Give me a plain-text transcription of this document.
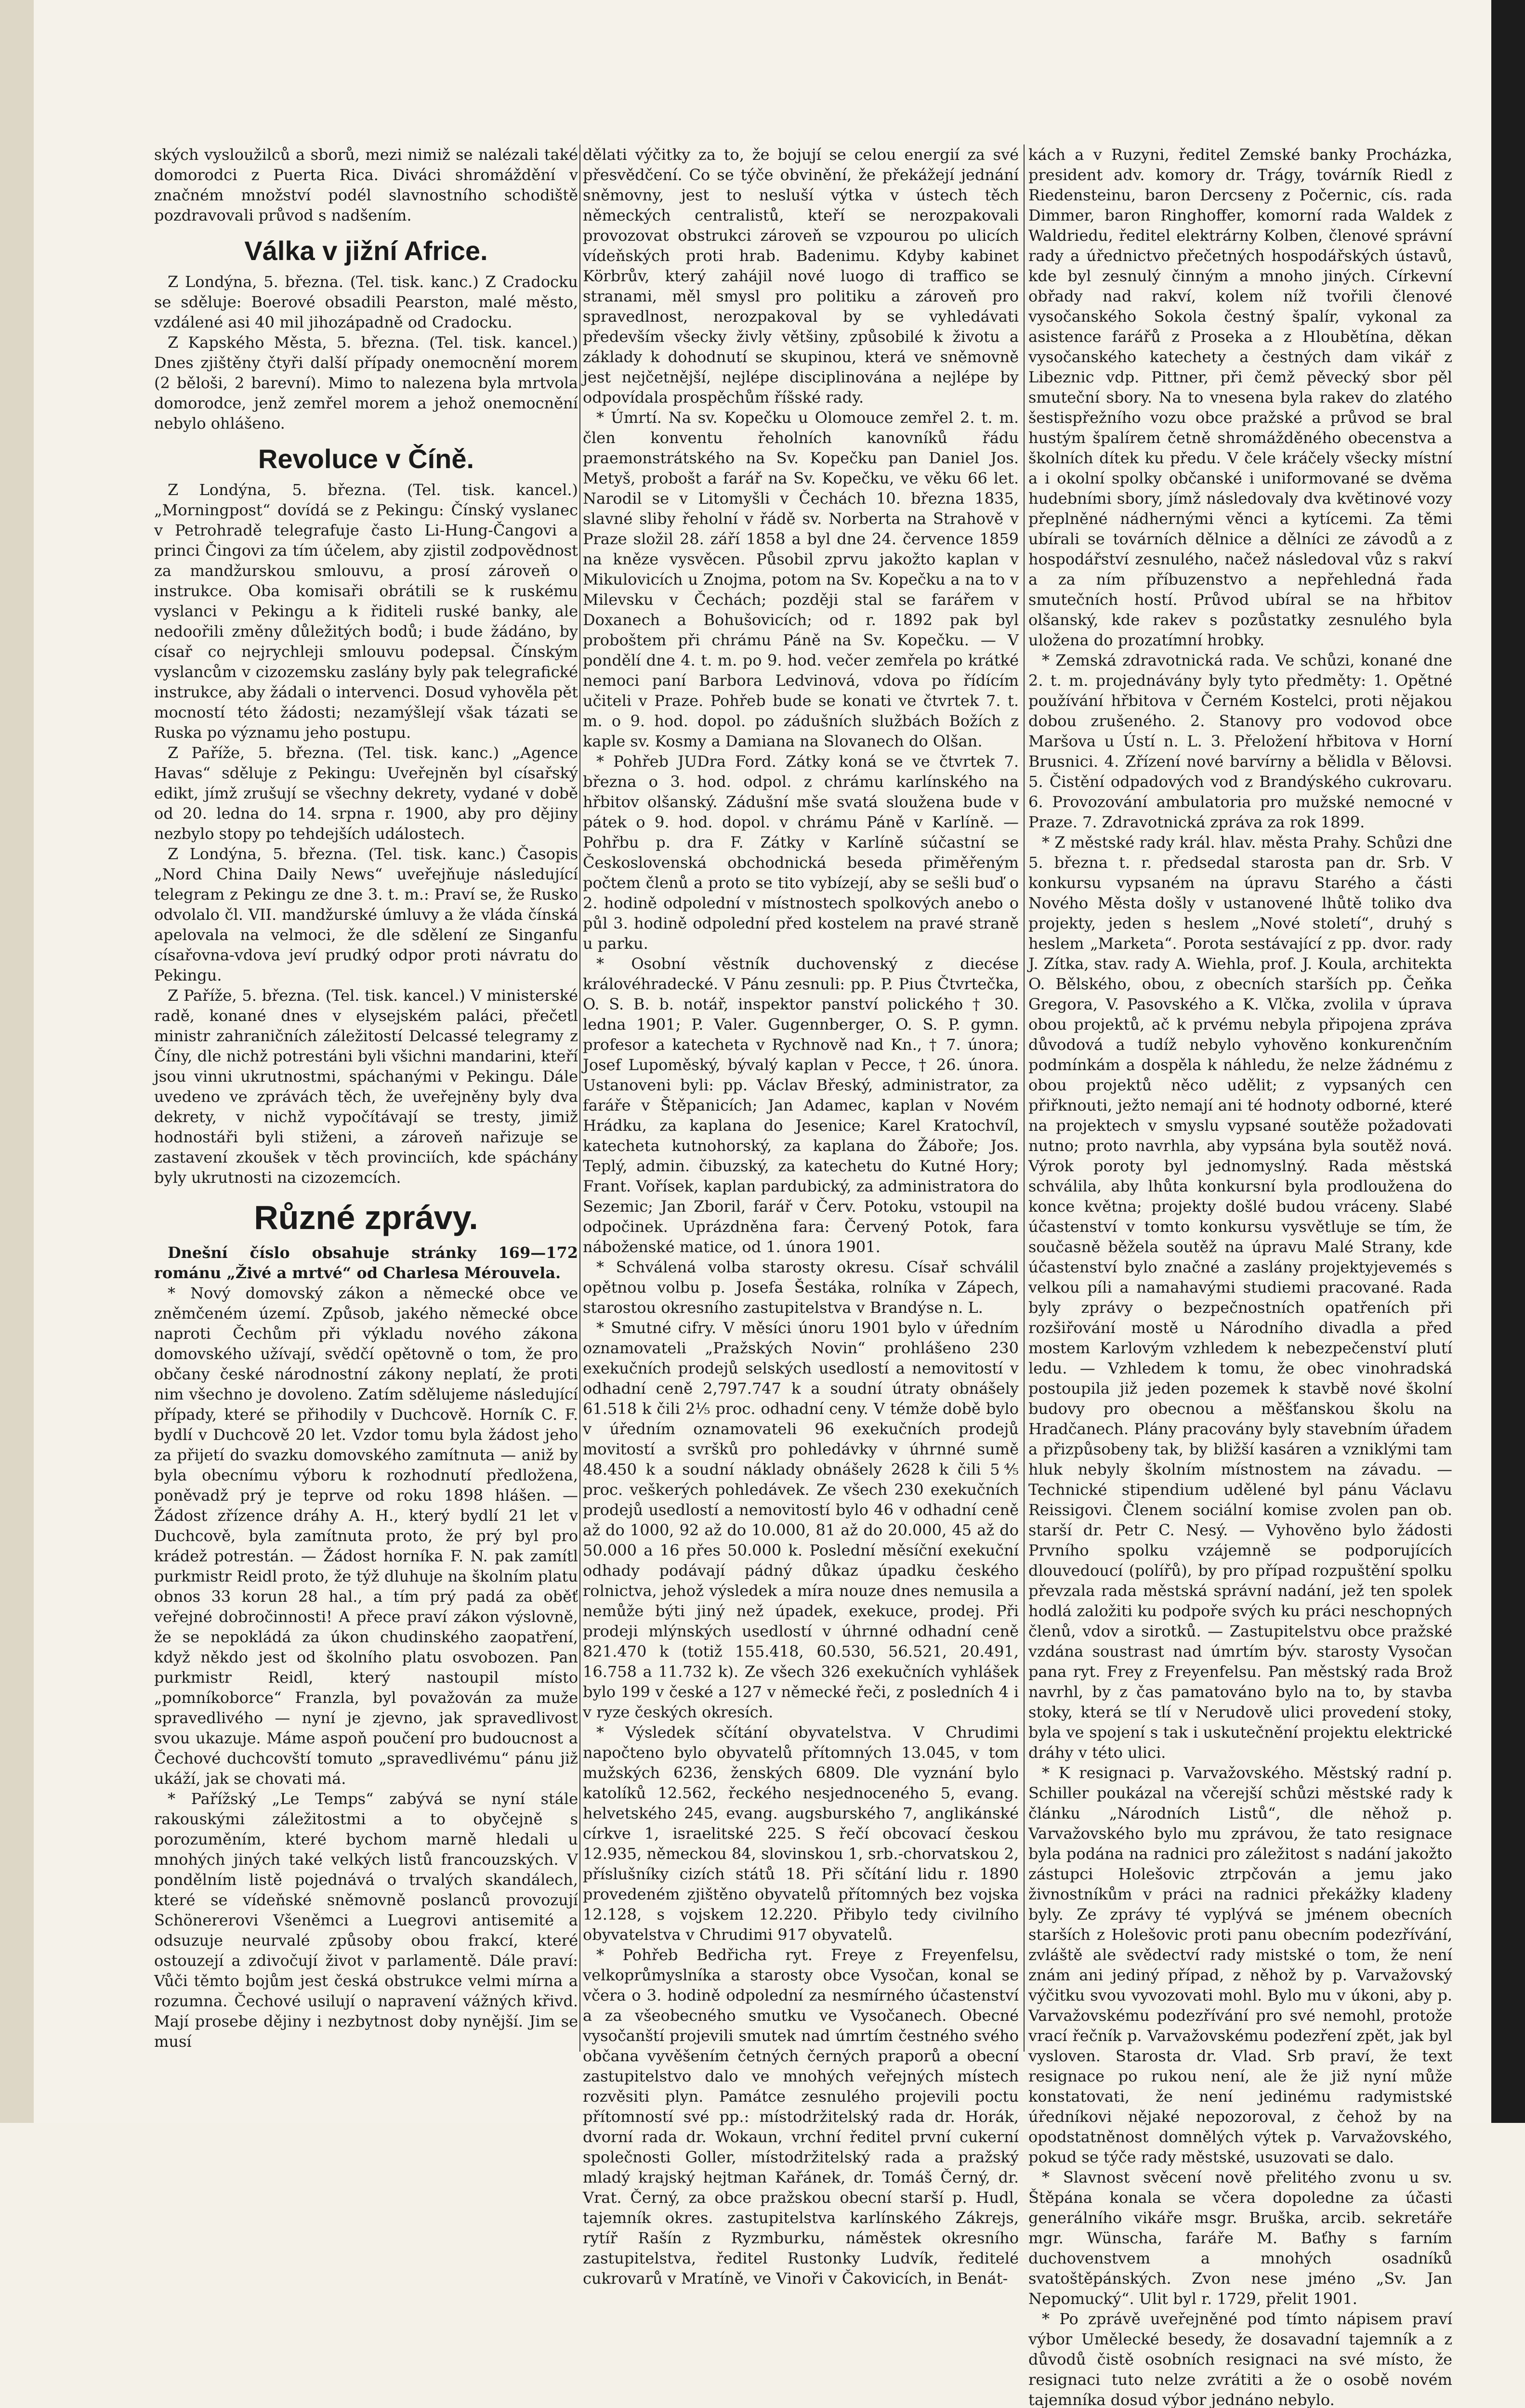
ských vysloužilců a sborů, mezi nimiž se nalézali také domorodci z Puerta Rica. Diváci shromáždění v značném množství podél slavnostního schodiště pozdravovali průvod s nadšením.

Válka v jižní Africe.

Z Londýna, 5. března. (Tel. tisk. kanc.) Z Cradocku se sděluje: Boerové obsadili Pearston, malé město, vzdálené asi 40 mil jihozápadně od Cradocku.

Z Kapského Města, 5. března. (Tel. tisk. kancel.) Dnes zjištěny čtyři další případy onemocnění morem (2 běloši, 2 barevní). Mimo to nalezena byla mrtvola domorodce, jenž zemřel morem a jehož onemocnění nebylo ohlášeno.

Revoluce v Číně.

Z Londýna, 5. března. (Tel. tisk. kancel.) „Morningpost“ dovídá se z Pekingu: Čínský vyslanec v Petrohradě telegrafuje často Li-Hung-Čangovi a princi Čingovi za tím účelem, aby zjistil zodpovědnost za mandžurskou smlouvu, a prosí zároveň o instrukce. Oba komisaři obrátili se k ruskému vyslanci v Pekingu a k řiditeli ruské banky, ale nedoořili změny důležitých bodů; i bude žádáno, by císař co nejrychleji smlouvu podepsal. Čínským vyslancům v cizozemsku zaslány byly pak telegrafické instrukce, aby žádali o intervenci. Dosud vyhověla pět mocností této žádosti; nezamýšlejí však tázati se Ruska po významu jeho postupu.

Z Paříže, 5. března. (Tel. tisk. kanc.) „Agence Havas“ sděluje z Pekingu: Uveřejněn byl císařský edikt, jímž zrušují se všechny dekrety, vydané v době od 20. ledna do 14. srpna r. 1900, aby pro dějiny nezbylo stopy po tehdejších událostech.

Z Londýna, 5. března. (Tel. tisk. kanc.) Časopis „Nord China Daily News“ uveřejňuje následující telegram z Pekingu ze dne 3. t. m.: Praví se, že Rusko odvolalo čl. VII. mandžurské úmluvy a že vláda čínská apelovala na velmoci, že dle sdělení ze Singanfu císařovna-vdova jeví prudký odpor proti návratu do Pekingu.

Z Paříže, 5. března. (Tel. tisk. kancel.) V ministerské radě, konané dnes v elysejském paláci, přečetl ministr zahraničních záležitostí Delcassé telegramy z Číny, dle nichž potrestáni byli všichni mandarini, kteří jsou vinni ukrutnostmi, spáchanými v Pekingu. Dále uvedeno ve zprávách těch, že uveřejněny byly dva dekrety, v nichž vypočítávají se tresty, jimiž hodnostáři byli stiženi, a zároveň nařizuje se zastavení zkoušek v těch provinciích, kde spáchány byly ukrutnosti na cizozemcích.

Různé zprávy.

Dnešní číslo obsahuje stránky 169—172 románu „Živé a mrtvé“ od Charlesa Mérouvela.

* Nový domovský zákon a německé obce ve zněmčeném území. Způsob, jakého německé obce naproti Čechům při výkladu nového zákona domovského užívají, svědčí opětovně o tom, že pro občany české národnostní zákony neplatí, že proti nim všechno je dovoleno. Zatím sdělujeme následující případy, které se přihodily v Duchcově. Horník C. F. bydlí v Duchcově 20 let. Vzdor tomu byla žádost jeho za přijetí do svazku domovského zamítnuta — aniž by byla obecnímu výboru k rozhodnutí předložena, poněvadž prý je teprve od roku 1898 hlášen. — Žádost zřízence dráhy A. H., který bydlí 21 let v Duchcově, byla zamítnuta proto, že prý byl pro krádež potrestán. — Žádost horníka F. N. pak zamítl purkmistr Reidl proto, že týž dluhuje na školním platu obnos 33 korun 28 hal., a tím prý padá za oběť veřejné dobročinnosti! A přece praví zákon výslovně, že se nepokládá za úkon chudinského zaopatření, když někdo jest od školního platu osvobozen. Pan purkmistr Reidl, který nastoupil místo „pomníkoborce“ Franzla, byl považován za muže spravedlivého — nyní je zjevno, jak spravedlivost svou ukazuje. Máme aspoň poučení pro budoucnost a Čechové duchcovští tomuto „spravedlivému“ pánu již ukáží, jak se chovati má.

* Pařížský „Le Temps“ zabývá se nyní stále rakouskými záležitostmi a to obyčejně s porozuměním, které bychom marně hledali u mnohých jiných také velkých listů francouzských. V pondělním listě pojednává o trvalých skandálech, které se vídeňské sněmovně poslanců provozují Schönererovi Všeněmci a Luegrovi antisemité a odsuzuje neurvalé způsoby obou frakcí, které ostouzejí a zdivočují život v parlamentě. Dále praví: Vůči těmto bojům jest česká obstrukce velmi mírna a rozumna. Čechové usilují o napravení vážných křivd. Mají prosebe dějiny i nezbytnost doby nynější. Jim se musí

dělati výčitky za to, že bojují se celou energií za své přesvědčení. Co se týče obvinění, že překážejí jednání sněmovny, jest to nesluší výtka v ústech těch německých centralistů, kteří se nerozpakovali provozovat obstrukci zároveň se vzpourou po ulicích vídeňských proti hrab. Badenimu. Kdyby kabinet Körbrův, který zahájil nové luogo di traffico se stranami, měl smysl pro politiku a zároveň pro spravedlnost, nerozpakoval by se vyhledávati především všecky živly většiny, způsobilé k životu a základy k dohodnutí se skupinou, která ve sněmovně jest nejčetnější, nejlépe disciplinována a nejlépe by odpovídala prospěchům říšské rady.

* Úmrtí. Na sv. Kopečku u Olomouce zemřel 2. t. m. člen konventu řeholních kanovníků řádu praemonstrátského na Sv. Kopečku pan Daniel Jos. Metyš, probošt a farář na Sv. Kopečku, ve věku 66 let. Narodil se v Litomyšli v Čechách 10. března 1835, slavné sliby řeholní v řádě sv. Norberta na Strahově v Praze složil 28. září 1858 a byl dne 24. července 1859 na kněze vysvěcen. Působil zprvu jakožto kaplan v Mikulovicích u Znojma, potom na Sv. Kopečku a na to v Milevsku v Čechách; později stal se farářem v Doxanech a Bohušovicích; od r. 1892 pak byl proboštem při chrámu Páně na Sv. Kopečku. — V pondělí dne 4. t. m. po 9. hod. večer zemřela po krátké nemoci paní Barbora Ledvinová, vdova po řídícím učiteli v Praze. Pohřeb bude se konati ve čtvrtek 7. t. m. o 9. hod. dopol. po zádušních službách Božích z kaple sv. Kosmy a Damiana na Slovanech do Olšan.

* Pohřeb JUDra Ford. Zátky koná se ve čtvrtek 7. března o 3. hod. odpol. z chrámu karlínského na hřbitov olšanský. Zádušní mše svatá sloužena bude v pátek o 9. hod. dopol. v chrámu Páně v Karlíně. — Pohřbu p. dra F. Zátky v Karlíně súčastní se Československá obchodnická beseda přiměřeným počtem členů a proto se tito vybízejí, aby se sešli buď o 2. hodině odpolední v místnostech spolkových anebo o půl 3. hodině odpolední před kostelem na pravé straně u parku.

* Osobní věstník duchovenský z diecése královéhradecké. V Pánu zesnuli: pp. P. Pius Čtvrtečka, O. S. B. b. notář, inspektor panství polického † 30. ledna 1901; P. Valer. Gugennberger, O. S. P. gymn. profesor a katecheta v Rychnově nad Kn., † 7. února; Josef Lupoměský, bývalý kaplan v Pecce, † 26. února. Ustanoveni byli: pp. Václav Břeský, administrator, za faráře v Štěpanicích; Jan Adamec, kaplan v Novém Hrádku, za kaplana do Jesenice; Karel Kratochvíl, katecheta kutnohorský, za kaplana do Žáboře; Jos. Teplý, admin. čibuzský, za katechetu do Kutné Hory; Frant. Vořísek, kaplan pardubický, za administratora do Sezemic; Jan Zboril, farář v Červ. Potoku, vstoupil na odpočinek. Uprázdněna fara: Červený Potok, fara náboženské matice, od 1. února 1901.

* Schválená volba starosty okresu. Císař schválil opětnou volbu p. Josefa Šestáka, rolníka v Zápech, starostou okresního zastupitelstva v Brandýse n. L.

* Smutné cifry. V měsíci únoru 1901 bylo v úředním oznamovateli „Pražských Novin“ prohlášeno 230 exekučních prodejů selských usedlostí a nemovitostí v odhadní ceně 2,797.747 k a soudní útraty obnášely 61.518 k čili 2⅕ proc. odhadní ceny. V témže době bylo v úředním oznamovateli 96 exekučních prodejů movitostí a svršků pro pohledávky v úhrnné sumě 48.450 k a soudní náklady obnášely 2628 k čili 5⅘ proc. veškerých pohledávek. Ze všech 230 exekučních prodejů usedlostí a nemovitostí bylo 46 v odhadní ceně až do 1000, 92 až do 10.000, 81 až do 20.000, 45 až do 50.000 a 16 přes 50.000 k. Poslední měsíční exekuční odhady podávají pádný důkaz úpadku českého rolnictva, jehož výsledek a míra nouze dnes nemusila a nemůže býti jiný než úpadek, exekuce, prodej. Při prodeji mlýnských usedlostí v úhrnné odhadní ceně 821.470 k (totiž 155.418, 60.530, 56.521, 20.491, 16.758 a 11.732 k). Ze všech 326 exekučních vyhlášek bylo 199 v české a 127 v německé řeči, z posledních 4 i v ryze českých okresích.

* Výsledek sčítání obyvatelstva. V Chrudimi napočteno bylo obyvatelů přítomných 13.045, v tom mužských 6236, ženských 6809. Dle vyznání bylo katolíků 12.562, řeckého nesjednoceného 5, evang. helvetského 245, evang. augsburského 7, anglikánské církve 1, israelitské 225. S řečí obcovací českou 12.935, německou 84, slovinskou 1, srb.-chorvatskou 2, příslušníky cizích států 18. Při sčítání lidu r. 1890 provedeném zjištěno obyvatelů přítomných bez vojska 12.128, s vojskem 12.220. Přibylo tedy civilního obyvatelstva v Chrudimi 917 obyvatelů.

* Pohřeb Bedřicha ryt. Freye z Freyenfelsu, velkoprůmyslníka a starosty obce Vysočan, konal se včera o 3. hodině odpolední za nesmírného účastenství a za všeobecného smutku ve Vysočanech. Obecné vysočanští projevili smutek nad úmrtím čestného svého občana vyvěšením četných černých praporů a obecní zastupitelstvo dalo ve mnohých veřejných místech rozvěsiti plyn. Památce zesnulého projevili poctu přítomností své pp.: místodržitelský rada dr. Horák, dvorní rada dr. Wokaun, vrchní ředitel první cukerní společnosti Goller, místodržitelský rada a pražský mladý krajský hejtman Kařánek, dr. Tomáš Černý, dr. Vrat. Černý, za obce pražskou obecní starší p. Hudl, tajemník okres. zastupitelstva karlínského Zákrejs, rytíř Rašín z Ryzmburku, náměstek okresního zastupitelstva, ředitel Rustonky Ludvík, ředitelé cukrovarů v Mratíně, ve Vinoři v Čakovicích, in Benát-

kách a v Ruzyni, ředitel Zemské banky Procházka, president adv. komory dr. Trágy, továrník Riedl z Riedensteinu, baron Dercseny z Počernic, cís. rada Dimmer, baron Ringhoffer, komorní rada Waldek z Waldriedu, ředitel elektrárny Kolben, členové správní rady a úřednictvo přečetných hospodářských ústavů, kde byl zesnulý činným a mnoho jiných. Církevní obřady nad rakví, kolem níž tvořili členové vysočanského Sokola čestný špalír, vykonal za asistence farářů z Proseka a z Hloubětína, děkan vysočanského katechety a čestných dam vikář z Libeznic vdp. Pittner, při čemž pěvecký sbor pěl smuteční sbory. Na to vnesena byla rakev do zlatého šestispřežního vozu obce pražské a průvod se bral hustým špalírem četně shromážděného obecenstva a školních dítek ku předu. V čele kráčely všecky místní a i okolní spolky občanské i uniformované se dvěma hudebními sbory, jímž následovaly dva květinové vozy přeplněné nádhernými věnci a kytícemi. Za těmi ubírali se továrních dělnice a dělníci ze závodů a z hospodářství zesnulého, načež následoval vůz s rakví a za ním příbuzenstvo a nepřehledná řada smutečních hostí. Průvod ubíral se na hřbitov olšanský, kde rakev s pozůstatky zesnulého byla uložena do prozatímní hrobky.

* Zemská zdravotnická rada. Ve schůzi, konané dne 2. t. m. projednávány byly tyto předměty: 1. Opětné používání hřbitova v Černém Kostelci, proti nějakou dobou zrušeného. 2. Stanovy pro vodovod obce Maršova u Ústí n. L. 3. Přeložení hřbitova v Horní Brusnici. 4. Zřízení nové barvírny a bělidla v Bělovsi. 5. Čistění odpadových vod z Brandýského cukrovaru. 6. Provozování ambulatoria pro mužské nemocné v Praze. 7. Zdravotnická zpráva za rok 1899.

* Z městské rady král. hlav. města Prahy. Schůzi dne 5. března t. r. předsedal starosta pan dr. Srb. V konkursu vypsaném na úpravu Starého a části Nového Města došly v ustanovené lhůtě toliko dva projekty, jeden s heslem „Nové století“, druhý s heslem „Marketa“. Porota sestávající z pp. dvor. rady J. Zítka, stav. rady A. Wiehla, prof. J. Koula, architekta O. Bělského, obou, z obecních starších pp. Čeňka Gregora, V. Pasovského a K. Vlčka, zvolila v úprava obou projektů, ač k prvému nebyla připojena zpráva důvodová a tudíž nebylo vyhověno konkurenčním podmínkám a dospěla k náhledu, že nelze žádnému z obou projektů něco udělit; z vypsaných cen přiřknouti, ježto nemají ani té hodnoty odborné, které na projektech v smyslu vypsané soutěže požadovati nutno; proto navrhla, aby vypsána byla soutěž nová. Výrok poroty byl jednomyslný. Rada městská schválila, aby lhůta konkursní byla prodloužena do konce května; projekty došlé budou vráceny. Slabé účastenství v tomto konkursu vysvětluje se tím, že současně běžela soutěž na úpravu Malé Strany, kde účastenství bylo značné a zaslány projektyjevemés s velkou píli a namahavými studiemi pracované. Rada byly zprávy o bezpečnostních opatřeních při rozšiřování mostě u Národního divadla a před mostem Karlovým vzhledem k nebezpečenství plutí ledu. — Vzhledem k tomu, že obec vinohradská postoupila již jeden pozemek k stavbě nové školní budovy pro obecnou a měšťanskou školu na Hradčanech. Plány pracovány byly stavebním úřadem a přizpůsobeny tak, by bližší kasáren a vzniklými tam hluk nebyly školním místnostem na závadu. — Technické stipendium udělené byl pánu Václavu Reissigovi. Členem sociální komise zvolen pan ob. starší dr. Petr C. Nesý. — Vyhověno bylo žádosti Prvního spolku vzájemně se podporujících dlouvedoucí (polířů), by pro případ rozpuštění spolku převzala rada městská správní nadání, jež ten spolek hodlá založiti ku podpoře svých ku práci neschopných členů, vdov a sirotků. — Zastupitelstvu obce pražské vzdána soustrast nad úmrtím býv. starosty Vysočan pana ryt. Frey z Freyenfelsu. Pan městský rada Brož navrhl, by z čas pamatováno bylo na to, by stavba stoky, která se tlí v Nerudově ulici provedení stoky, byla ve spojení s tak i uskutečnění projektu elektrické dráhy v této ulici.

* K resignaci p. Varvažovského. Městský radní p. Schiller poukázal na včerejší schůzi městské rady k článku „Národních Listů“, dle něhož p. Varvažovského bylo mu zprávou, že tato resignace byla podána na radnici pro záležitost s nadání jakožto zástupci Holešovic ztrpčován a jemu jako živnostníkům v práci na radnici překážky kladeny byly. Ze zprávy té vyplývá se jménem obecních starších z Holešovic proti panu obecním podezřívání, zvláště ale svědectví rady mistské o tom, že není znám ani jediný případ, z něhož by p. Varvažovský výčitku svou vyvozovati mohl. Bylo mu v úkoni, aby p. Varvažovskému podezřívání pro své nemohl, protože vrací řečník p. Varvažovskému podezření zpět, jak byl vysloven. Starosta dr. Vlad. Srb praví, že text resignace po rukou není, ale že již nyní může konstatovati, že není jedinému radymistské úředníkovi nějaké nepozoroval, z čehož by na opodstatněnost domnělých výtek p. Varvažovského, pokud se týče rady městské, usuzovati se dalo.

* Slavnost svěcení nově přelitého zvonu u sv. Štěpána konala se včera dopoledne za účasti generálního vikáře msgr. Bruška, arcib. sekretáře mgr. Wünscha, faráře M. Baťhy s farním duchovenstvem a mnohých osadníků svatoštěpánských. Zvon nese jméno „Sv. Jan Nepomucký“. Ulit byl r. 1729, přelit 1901.

* Po zprávě uveřejněné pod tímto nápisem praví výbor Umělecké besedy, že dosavadní tajemník a z důvodů čistě osobních resignaci na své místo, že resignaci tuto nelze zvrátiti a že o osobě novém tajemníka dosud výbor jednáno nebylo.
